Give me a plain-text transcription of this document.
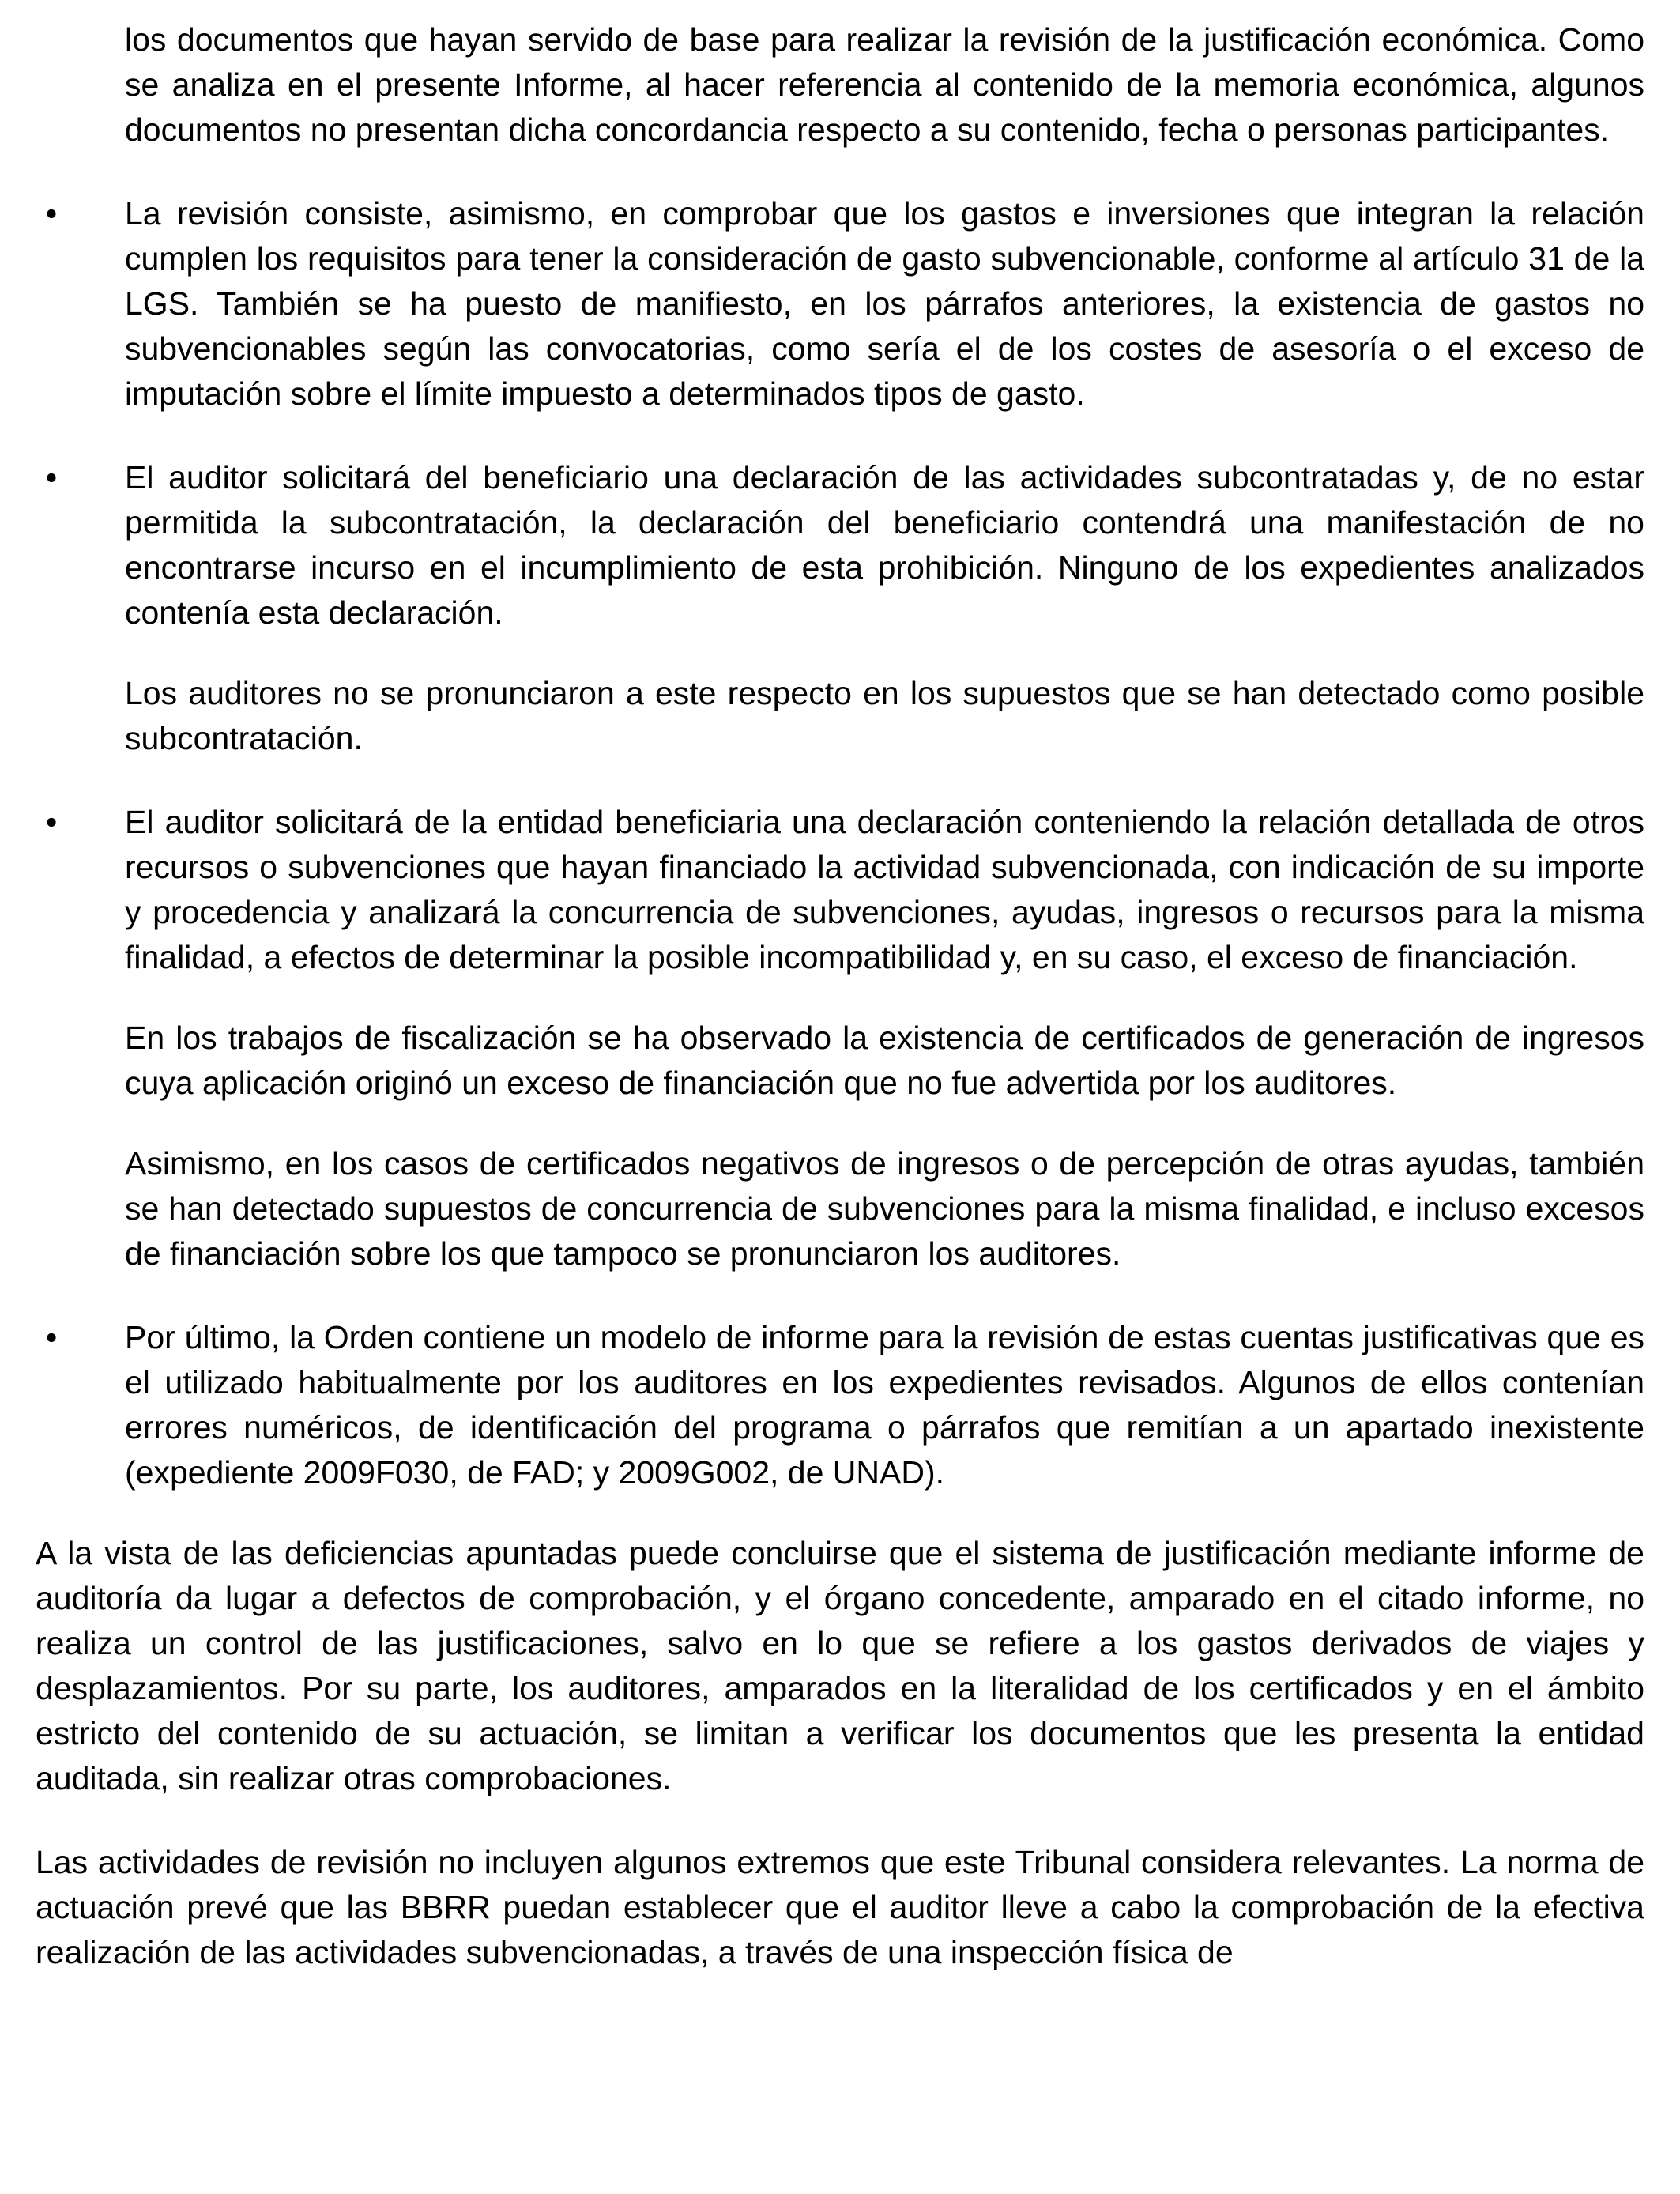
los documentos que hayan servido de base para realizar la revisión de la justificación económica. Como se analiza en el presente Informe, al hacer referencia al contenido de la memoria económica, algunos documentos no presentan dicha concordancia respecto a su contenido, fecha o personas participantes.

•	La revisión consiste, asimismo, en comprobar que los gastos e inversiones que integran la relación cumplen los requisitos para tener la consideración de gasto subvencionable, conforme al artículo 31 de la LGS. También se ha puesto de manifiesto, en los párrafos anteriores, la existencia de gastos no subvencionables según las convocatorias, como sería el de los costes de asesoría o el exceso de imputación sobre el límite impuesto a determinados tipos de gasto.

•	El auditor solicitará del beneficiario una declaración de las actividades subcontratadas y, de no estar permitida la subcontratación, la declaración del beneficiario contendrá una manifestación de no encontrarse incurso en el incumplimiento de esta prohibición. Ninguno de los expedientes analizados contenía esta declaración.

Los auditores no se pronunciaron a este respecto en los supuestos que se han detectado como posible subcontratación.

•	El auditor solicitará de la entidad beneficiaria una declaración conteniendo la relación detallada de otros recursos o subvenciones que hayan financiado la actividad subvencionada, con indicación de su importe y procedencia y analizará la concurrencia de subvenciones, ayudas, ingresos o recursos para la misma finalidad, a efectos de determinar la posible incompatibilidad y, en su caso, el exceso de financiación.

En los trabajos de fiscalización se ha observado la existencia de certificados de generación de ingresos cuya aplicación originó un exceso de financiación que no fue advertida por los auditores.

Asimismo, en los casos de certificados negativos de ingresos o de percepción de otras ayudas, también se han detectado supuestos de concurrencia de subvenciones para la misma finalidad, e incluso excesos de financiación sobre los que tampoco se pronunciaron los auditores.

•	Por último, la Orden contiene un modelo de informe para la revisión de estas cuentas justificativas que es el utilizado habitualmente por los auditores en los expedientes revisados. Algunos de ellos contenían errores numéricos, de identificación del programa o párrafos que remitían a un apartado inexistente (expediente 2009F030, de FAD; y 2009G002, de UNAD).

A la vista de las deficiencias apuntadas puede concluirse que el sistema de justificación mediante informe de auditoría da lugar a defectos de comprobación, y el órgano concedente, amparado en el citado informe, no realiza un control de las justificaciones, salvo en lo que se refiere a los gastos derivados de viajes y desplazamientos. Por su parte, los auditores, amparados en la literalidad de los certificados y en el ámbito estricto del contenido de su actuación, se limitan a verificar los documentos que les presenta la entidad auditada, sin realizar otras comprobaciones.

Las actividades de revisión no incluyen algunos extremos que este Tribunal considera relevantes. La norma de actuación prevé que las BBRR puedan establecer que el auditor lleve a cabo la comprobación de la efectiva realización de las actividades subvencionadas, a través de una inspección física de
